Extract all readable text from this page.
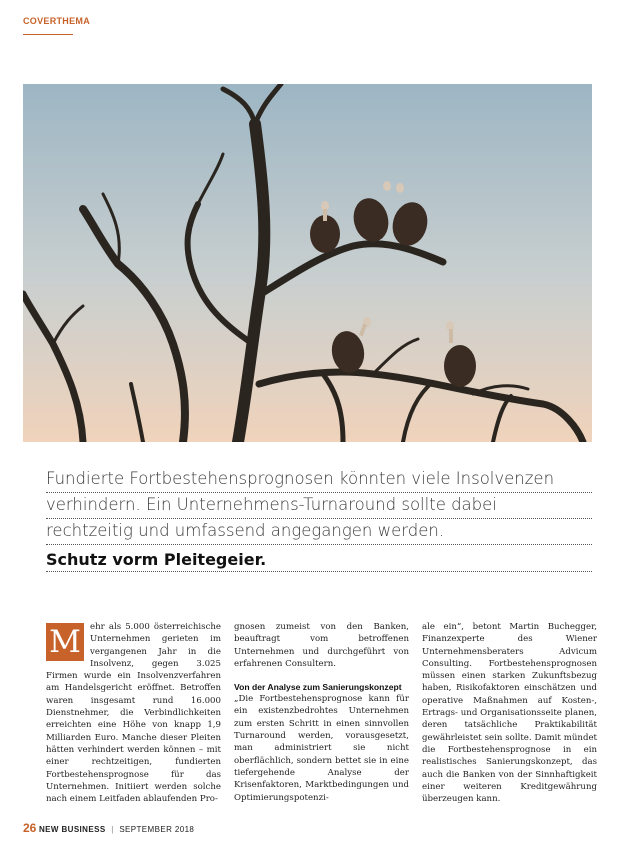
COVERTHEMA
Fundierte Fortbestehensprognosen könnten viele Insolvenzen
verhindern. Ein Unternehmens-Turnaround sollte dabei
rechtzeitig und umfassend angegangen werden.
Schutz vorm Pleitegeier.
M	ehr als 5.000 österreichische Unternehmen gerieten im vergangenen Jahr in die Insolvenz, gegen 3.025 Firmen wurde ein Insolvenzverfahren am Handelsgericht eröffnet. Betroffen waren insgesamt rund 16.000 Dienstnehmer, die Verbindlichkeiten erreichten eine Höhe von knapp 1,9 Milliarden Euro. Manche dieser Pleiten hätten verhindert werden können – mit einer rechtzeitigen, fundierten Fortbestehensprognose für das Unternehmen. Initiiert werden solche nach einem Leitfaden ablaufenden Pro-

gnosen zumeist von den Banken, beauftragt vom betroffenen Unternehmen und durchgeführt von erfahrenen Consultern.

Von der Analyse zum Sanierungskonzept

„Die Fortbestehensprognose kann für ein existenzbedrohtes Unternehmen zum ersten Schritt in einen sinnvollen Turnaround werden, vorausgesetzt, man administriert sie nicht oberflächlich, sondern bettet sie in eine tiefergehende Analyse der Krisenfaktoren, Marktbedingungen und Optimierungspotenzi-

ale ein“, betont Martin Buchegger, Finanzexperte des Wiener Unternehmensberaters Advicum Consulting. Fortbestehensprognosen müssen einen starken Zukunftsbezug haben, Risikofaktoren einschätzen und operative Maßnahmen auf Kosten-, Ertrags- und Organisationsseite planen, deren tatsächliche Praktikabilität gewährleistet sein sollte. Damit mündet die Fortbestehensprognose in ein realistisches Sanierungskonzept, das auch die Banken von der Sinnhaftigkeit einer weiteren Kreditgewährung überzeugen kann.

26 NEW BUSINESS | SEPTEMBER 2018
